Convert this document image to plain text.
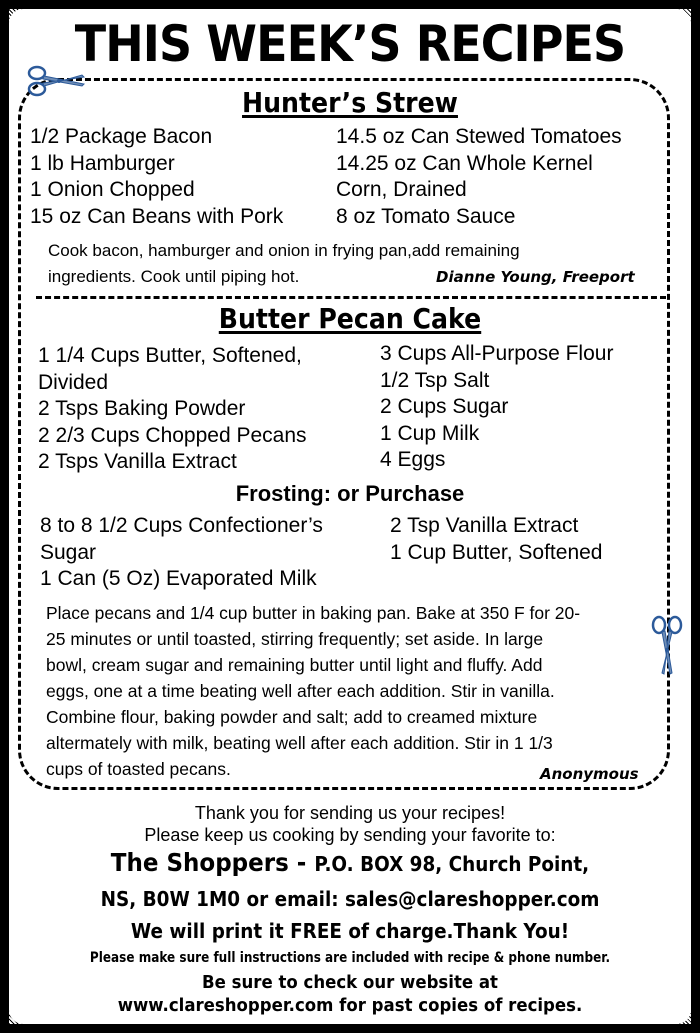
THIS WEEK’S RECIPES
Hunter’s Strew
1/2 Package Bacon
1 lb Hamburger
1 Onion Chopped
15 oz Can Beans with Pork
14.5 oz Can Stewed Tomatoes
14.25 oz Can Whole Kernel
Corn, Drained
8 oz Tomato Sauce
Cook bacon, hamburger and onion in frying pan,add remaining
ingredients. Cook until piping hot.	Dianne Young, Freeport
Butter Pecan Cake
1 1/4 Cups Butter, Softened,
Divided
2 Tsps Baking Powder
2 2/3 Cups Chopped Pecans
2 Tsps Vanilla Extract
3 Cups All-Purpose Flour
1/2 Tsp Salt
2 Cups Sugar
1 Cup Milk
4 Eggs
Frosting: or Purchase
8 to 8 1/2 Cups Confectioner’s
Sugar
1 Can (5 Oz) Evaporated Milk
2 Tsp Vanilla Extract
1 Cup Butter, Softened
Place pecans and 1/4 cup butter in baking pan. Bake at 350 F for 20-
25 minutes or until toasted, stirring frequently; set aside. In large
bowl, cream sugar and remaining butter until light and fluffy. Add
eggs, one at a time beating well after each addition. Stir in vanilla.
Combine flour, baking powder and salt; add to creamed mixture
altermately with milk, beating well after each addition. Stir in 1 1/3
cups of toasted pecans.	Anonymous
Thank you for sending us your recipes!
Please keep us cooking by sending your favorite to:
The Shoppers - P.O. BOX 98, Church Point,
NS, B0W 1M0 or email: sales@clareshopper.com
We will print it FREE of charge.Thank You!
Please make sure full instructions are included with recipe & phone number.
Be sure to check our website at
www.clareshopper.com for past copies of recipes.
